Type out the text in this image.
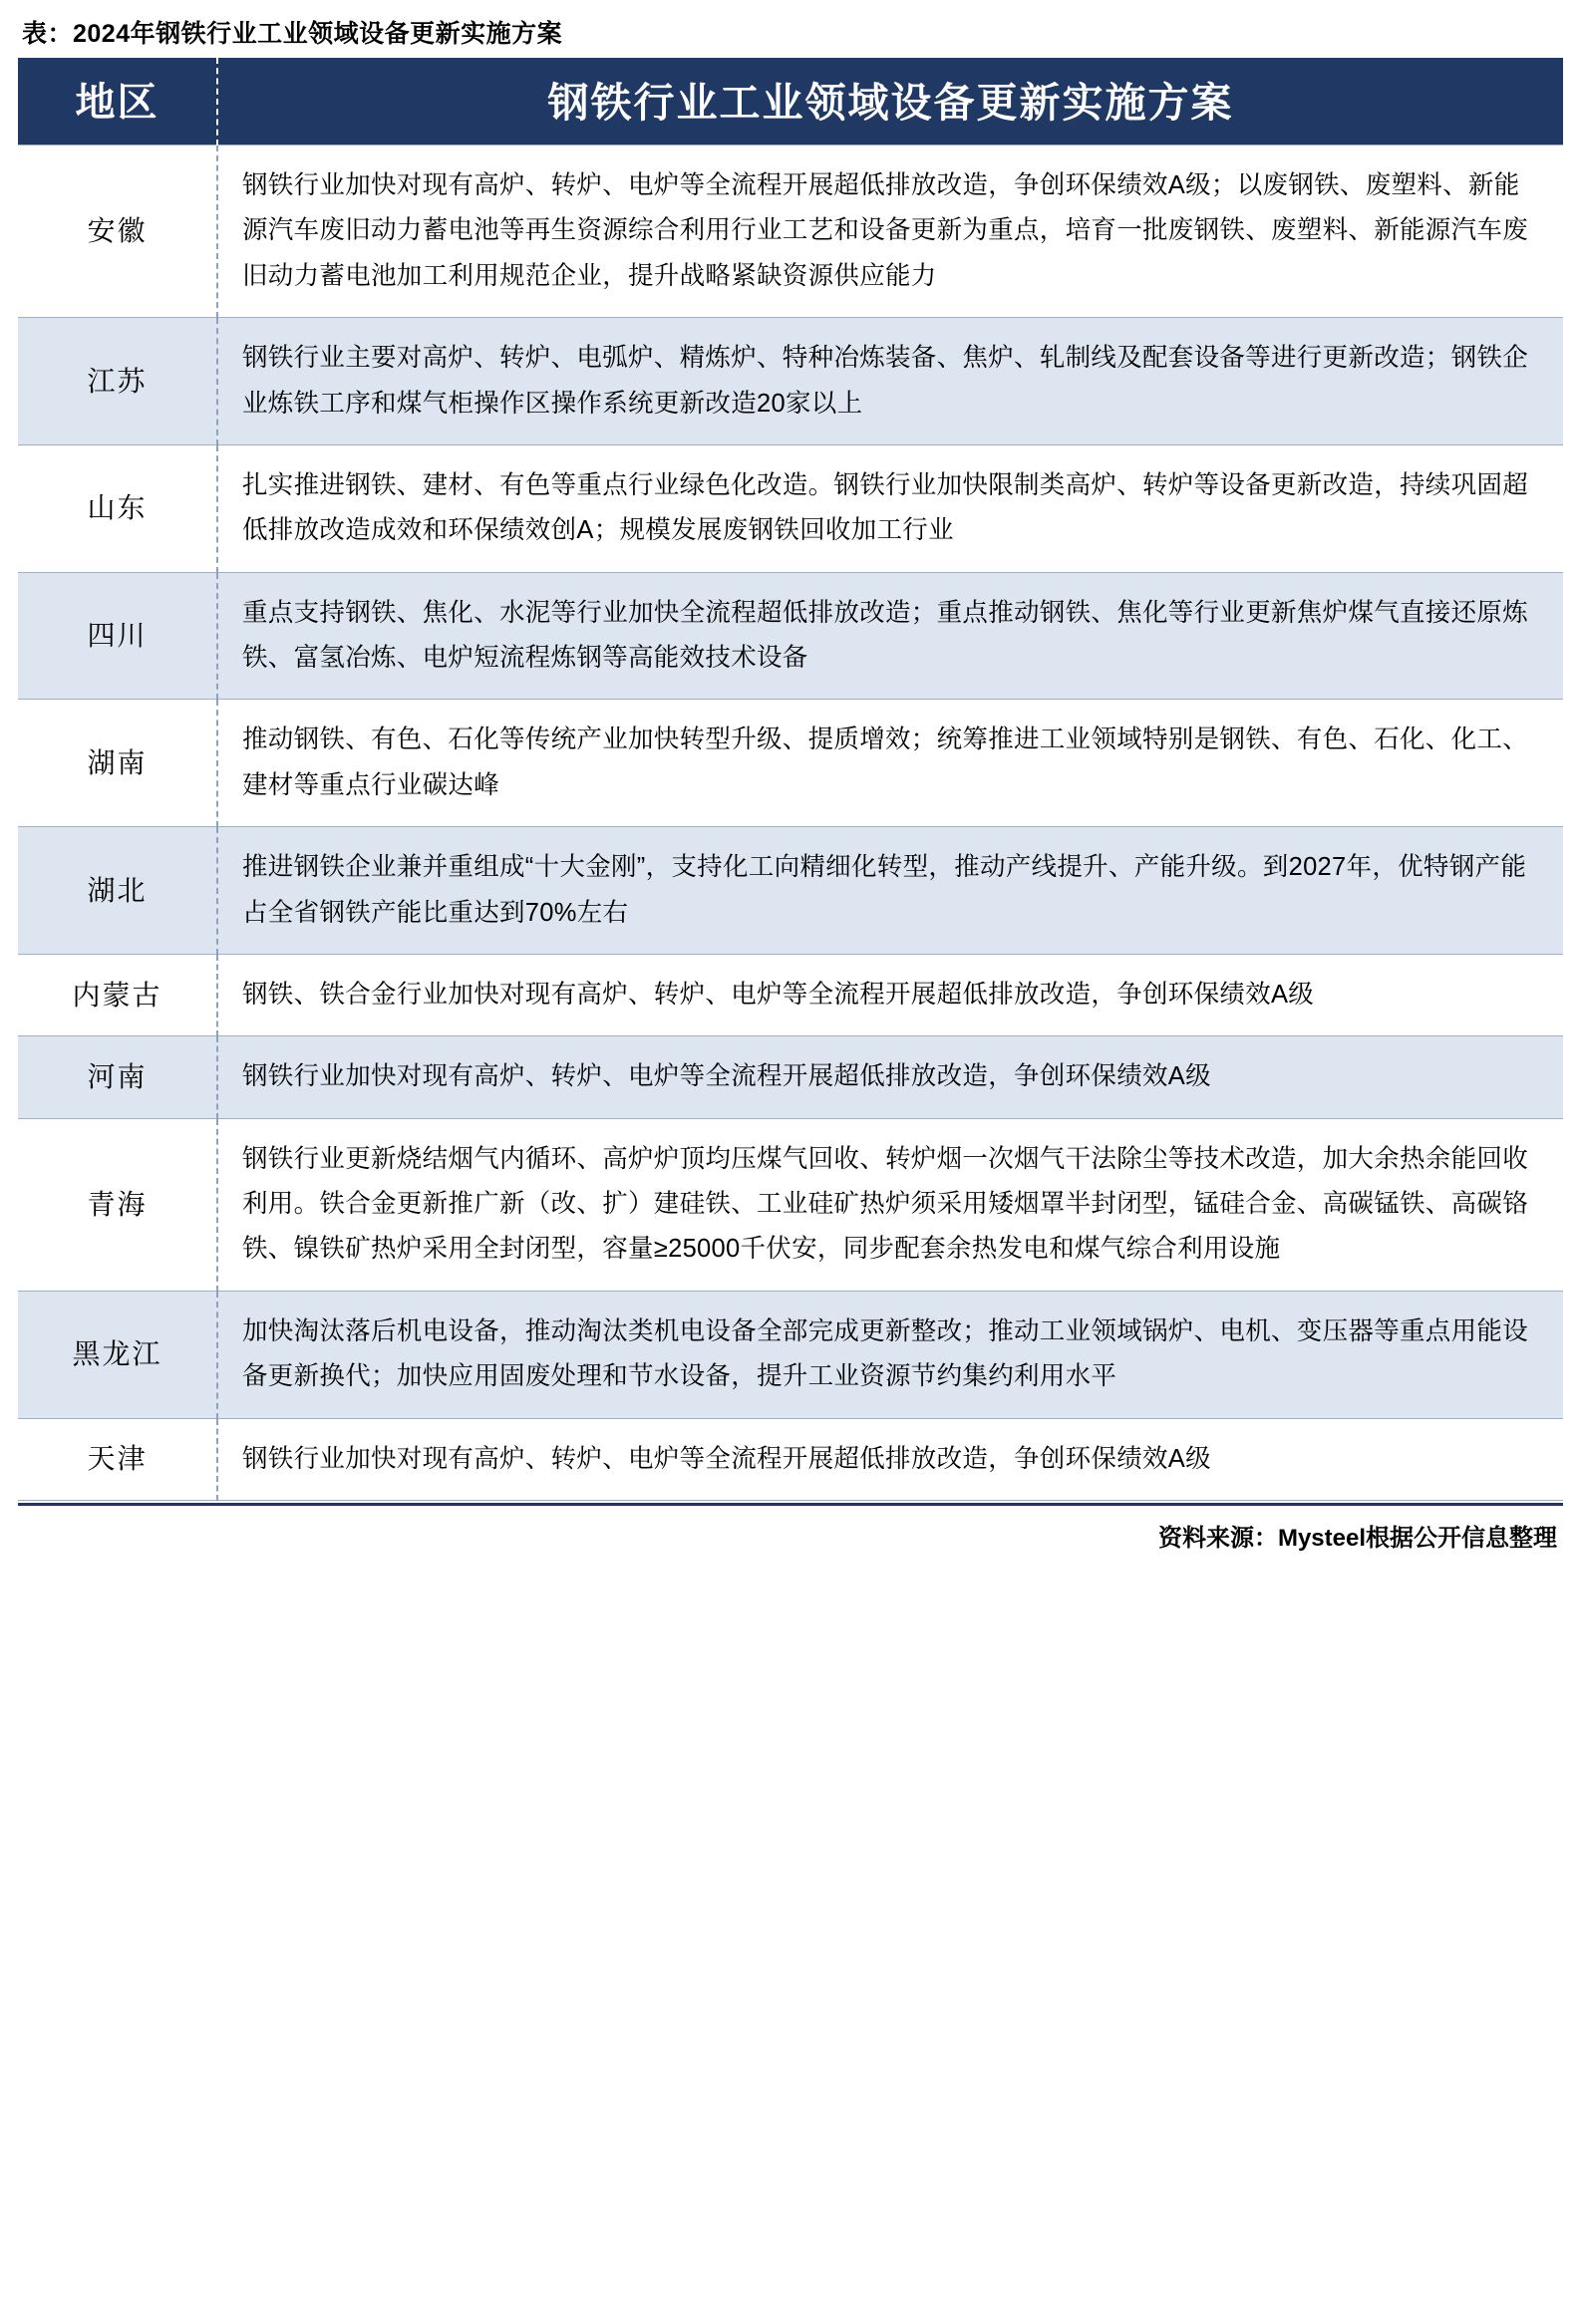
表：2024年钢铁行业工业领域设备更新实施方案
地区	钢铁行业工业领域设备更新实施方案
安徽	钢铁行业加快对现有高炉、转炉、电炉等全流程开展超低排放改造，争创环保绩效A级；以废钢铁、废塑料、新能源汽车废旧动力蓄电池等再生资源综合利用行业工艺和设备更新为重点，培育一批废钢铁、废塑料、新能源汽车废旧动力蓄电池加工利用规范企业，提升战略紧缺资源供应能力
江苏	钢铁行业主要对高炉、转炉、电弧炉、精炼炉、特种冶炼装备、焦炉、轧制线及配套设备等进行更新改造；钢铁企业炼铁工序和煤气柜操作区操作系统更新改造20家以上
山东	扎实推进钢铁、建材、有色等重点行业绿色化改造。钢铁行业加快限制类高炉、转炉等设备更新改造，持续巩固超低排放改造成效和环保绩效创A；规模发展废钢铁回收加工行业
四川	重点支持钢铁、焦化、水泥等行业加快全流程超低排放改造；重点推动钢铁、焦化等行业更新焦炉煤气直接还原炼铁、富氢冶炼、电炉短流程炼钢等高能效技术设备
湖南	推动钢铁、有色、石化等传统产业加快转型升级、提质增效；统筹推进工业领域特别是钢铁、有色、石化、化工、建材等重点行业碳达峰
湖北	推进钢铁企业兼并重组成“十大金刚”，支持化工向精细化转型，推动产线提升、产能升级。到2027年，优特钢产能占全省钢铁产能比重达到70%左右
内蒙古	钢铁、铁合金行业加快对现有高炉、转炉、电炉等全流程开展超低排放改造，争创环保绩效A级
河南	钢铁行业加快对现有高炉、转炉、电炉等全流程开展超低排放改造，争创环保绩效A级
青海	钢铁行业更新烧结烟气内循环、高炉炉顶均压煤气回收、转炉烟一次烟气干法除尘等技术改造，加大余热余能回收利用。铁合金更新推广新（改、扩）建硅铁、工业硅矿热炉须采用矮烟罩半封闭型，锰硅合金、高碳锰铁、高碳铬铁、镍铁矿热炉采用全封闭型，容量≥25000千伏安，同步配套余热发电和煤气综合利用设施
黑龙江	加快淘汰落后机电设备，推动淘汰类机电设备全部完成更新整改；推动工业领域锅炉、电机、变压器等重点用能设备更新换代；加快应用固废处理和节水设备，提升工业资源节约集约利用水平
天津	钢铁行业加快对现有高炉、转炉、电炉等全流程开展超低排放改造，争创环保绩效A级
资料来源：Mysteel根据公开信息整理
